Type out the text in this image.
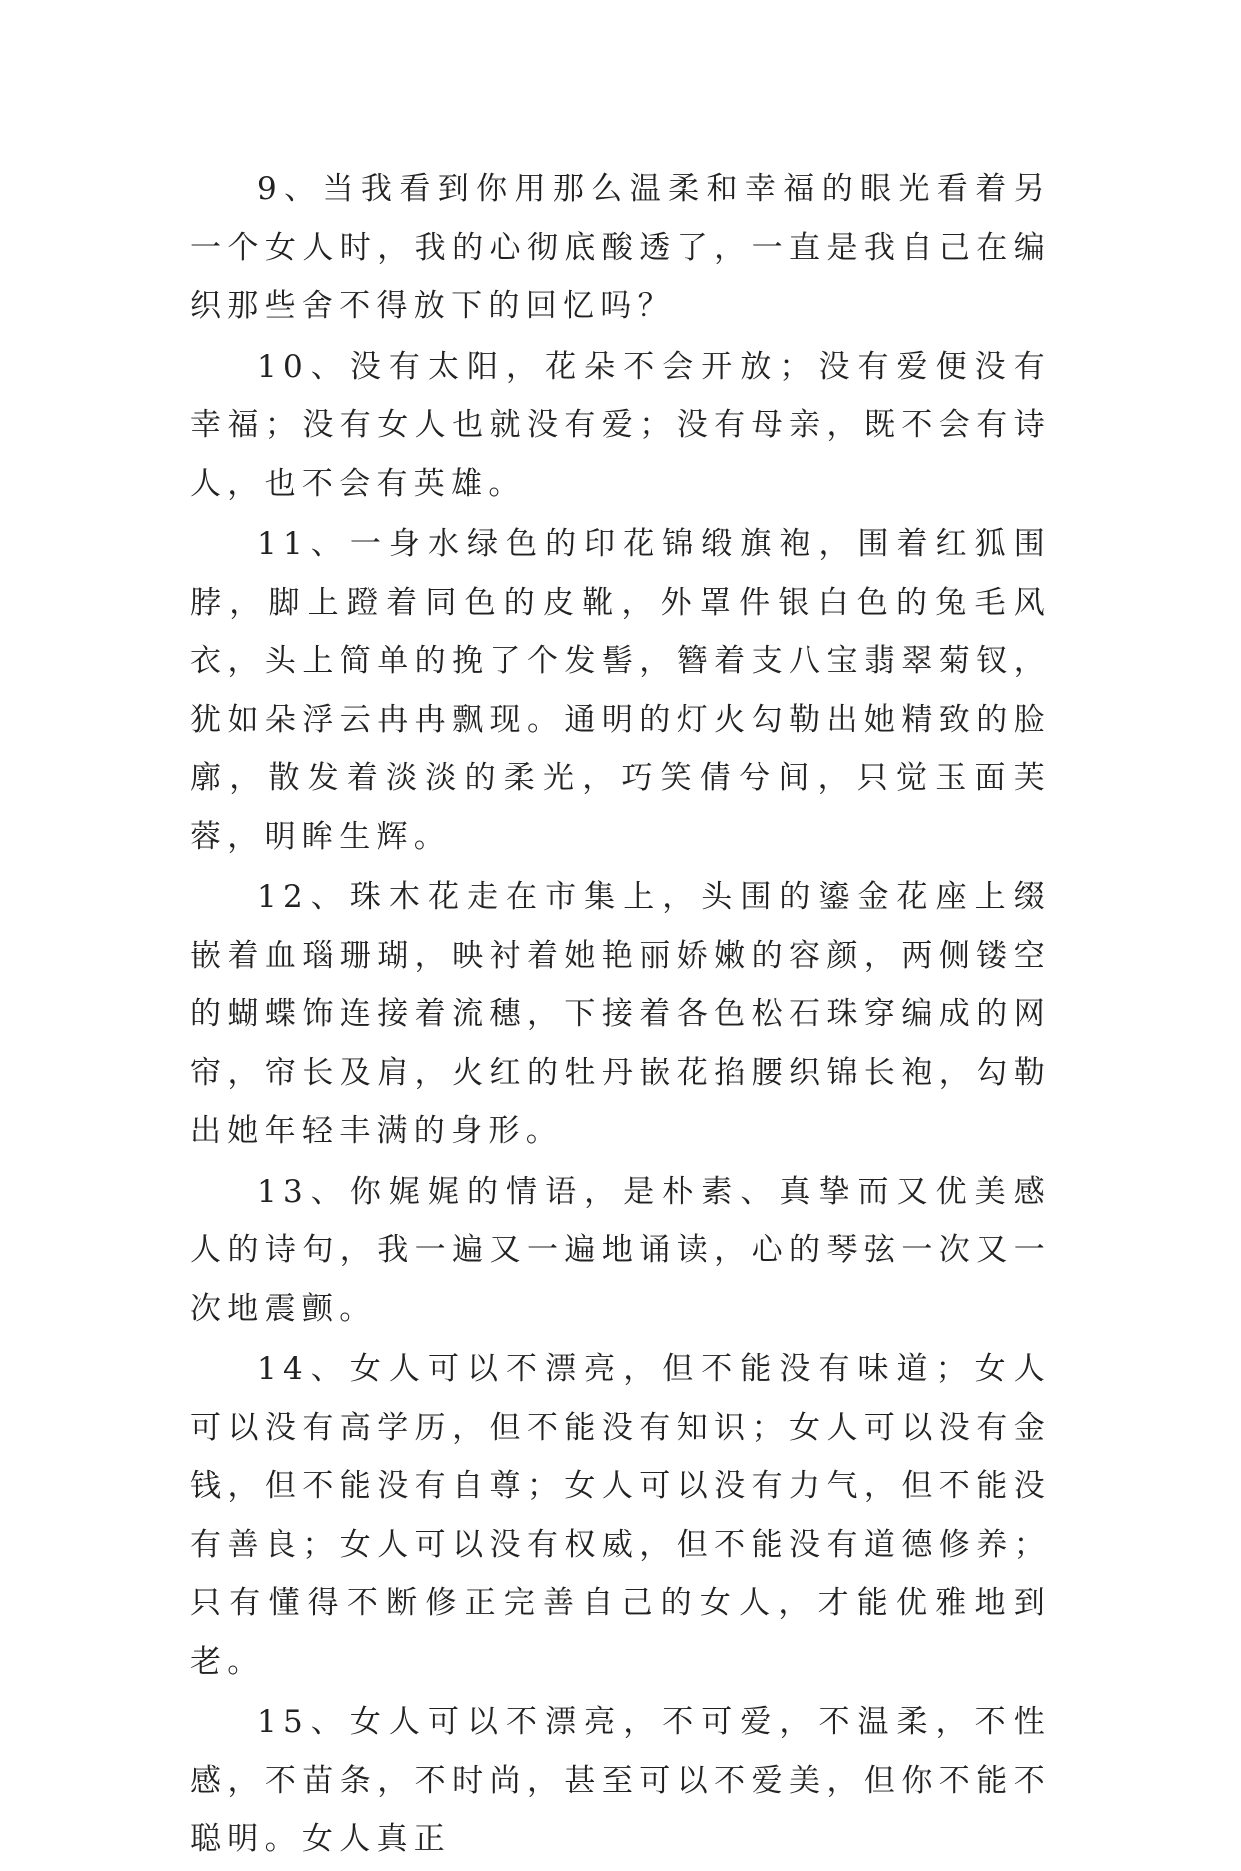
9、当我看到你用那么温柔和幸福的眼光看着另一个女人时，我的心彻底酸透了，一直是我自己在编织那些舍不得放下的回忆吗？

10、没有太阳，花朵不会开放；没有爱便没有幸福；没有女人也就没有爱；没有母亲，既不会有诗人，也不会有英雄。

11、一身水绿色的印花锦缎旗袍，围着红狐围脖，脚上蹬着同色的皮靴，外罩件银白色的兔毛风衣，头上简单的挽了个发髻，簪着支八宝翡翠菊钗，犹如朵浮云冉冉飘现。通明的灯火勾勒出她精致的脸廓，散发着淡淡的柔光，巧笑倩兮间，只觉玉面芙蓉，明眸生辉。

12、珠木花走在市集上，头围的鎏金花座上缀嵌着血瑙珊瑚，映衬着她艳丽娇嫩的容颜，两侧镂空的蝴蝶饰连接着流穗，下接着各色松石珠穿编成的网帘，帘长及肩，火红的牡丹嵌花掐腰织锦长袍，勾勒出她年轻丰满的身形。

13、你娓娓的情语，是朴素、真挚而又优美感人的诗句，我一遍又一遍地诵读，心的琴弦一次又一次地震颤。

14、女人可以不漂亮，但不能没有味道；女人可以没有高学历，但不能没有知识；女人可以没有金钱，但不能没有自尊；女人可以没有力气，但不能没有善良；女人可以没有权威，但不能没有道德修养；只有懂得不断修正完善自己的女人，才能优雅地到老。

15、女人可以不漂亮，不可爱，不温柔，不性感，不苗条，不时尚，甚至可以不爱美，但你不能不聪明。女人真正
